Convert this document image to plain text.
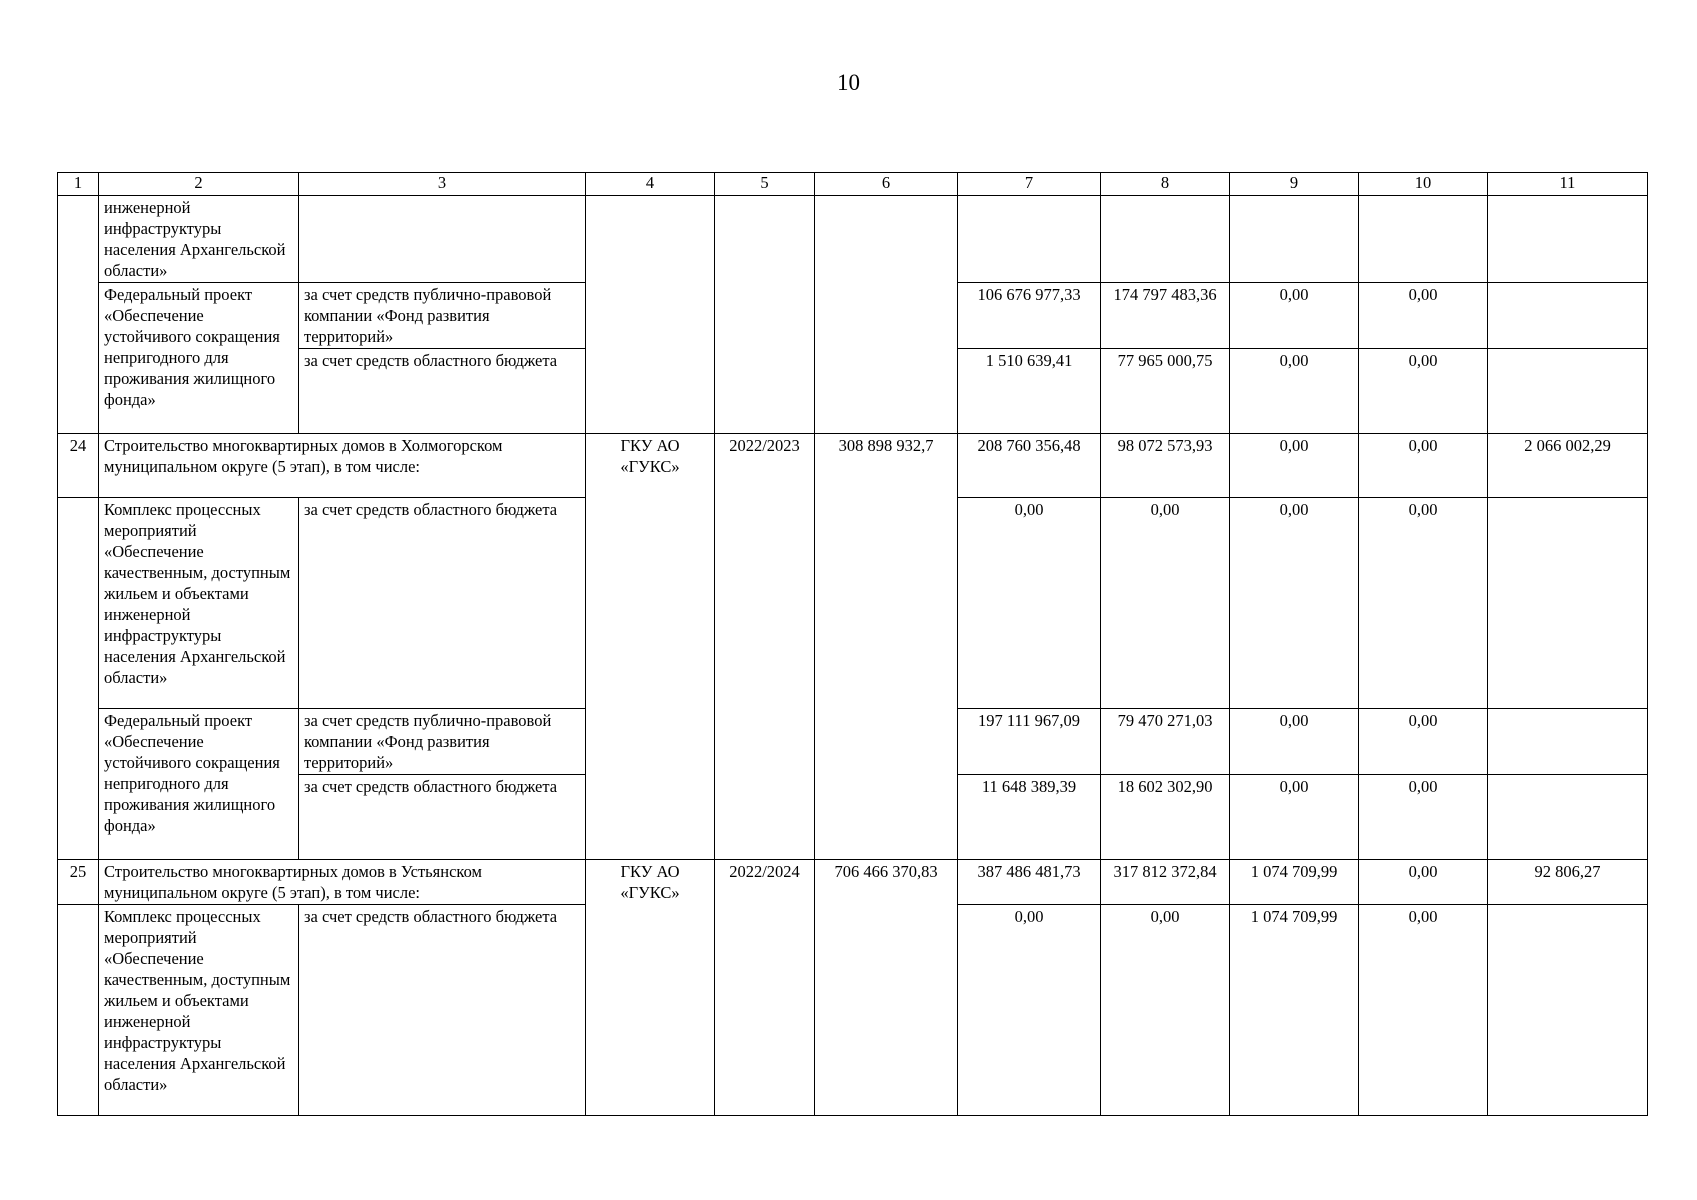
10
1	2	3	4	5	6	7	8	9	10	11
	инженерной инфраструктуры населения Архангельской области»									
	Федеральный проект «Обеспечение устойчивого сокращения непригодного для проживания жилищного фонда»	за счет средств публично-правовой компании «Фонд развития территорий»				106 676 977,33	174 797 483,36	0,00	0,00	
		за счет средств областного бюджета				1 510 639,41	77 965 000,75	0,00	0,00	
24	Строительство многоквартирных домов в Холмогорском муниципальном округе (5 этап), в том числе:		ГКУ АО «ГУКС»	2022/2023	308 898 932,7	208 760 356,48	98 072 573,93	0,00	0,00	2 066 002,29
	Комплекс процессных мероприятий «Обеспечение качественным, доступным жильем и объектами инженерной инфраструктуры населения Архангельской области»	за счет средств областного бюджета				0,00	0,00	0,00	0,00	
	Федеральный проект «Обеспечение устойчивого сокращения непригодного для проживания жилищного фонда»	за счет средств публично-правовой компании «Фонд развития территорий»				197 111 967,09	79 470 271,03	0,00	0,00	
		за счет средств областного бюджета				11 648 389,39	18 602 302,90	0,00	0,00	
25	Строительство многоквартирных домов в Устьянском муниципальном округе (5 этап), в том числе:		ГКУ АО «ГУКС»	2022/2024	706 466 370,83	387 486 481,73	317 812 372,84	1 074 709,99	0,00	92 806,27
	Комплекс процессных мероприятий «Обеспечение качественным, доступным жильем и объектами инженерной инфраструктуры населения Архангельской области»	за счет средств областного бюджета				0,00	0,00	1 074 709,99	0,00	
